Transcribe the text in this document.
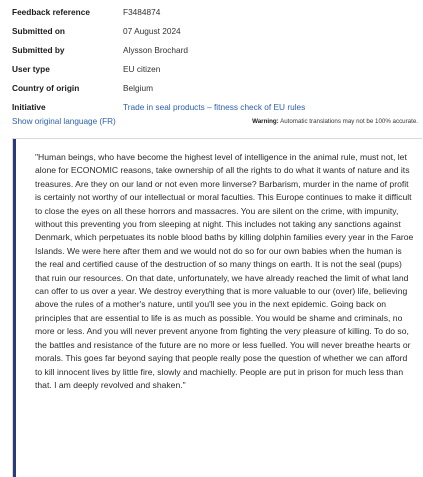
Feedback reference	F3484874
Submitted on	07 August 2024
Submitted by	Alysson Brochard
User type	EU citizen
Country of origin	Belgium
Initiative	Trade in seal products – fitness check of EU rules
Show original language (FR)	Warning: Automatic translations may not be 100% accurate.

"Human beings, who have become the highest level of intelligence in the animal rule, must not, let alone for ECONOMIC reasons, take ownership of all the rights to do what it wants of nature and its treasures. Are they on our land or not even more linverse? Barbarism, murder in the name of profit is certainly not worthy of our intellectual or moral faculties. This Europe continues to make it difficult to close the eyes on all these horrors and massacres. You are silent on the crime, with impunity, without this preventing you from sleeping at night. This includes not taking any sanctions against Denmark, which perpetuates its noble blood baths by killing dolphin families every year in the Faroe Islands. We were here after them and we would not do so for our own babies when the human is the real and certified cause of the destruction of so many things on earth. It is not the seal (pups) that ruin our resources. On that date, unfortunately, we have already reached the limit of what land can offer to us over a year. We destroy everything that is more valuable to our (over) life, believing above the rules of a mother's nature, until you'll see you in the next epidemic. Going back on principles that are essential to life is as much as possible. You would be shame and criminals, no more or less. And you will never prevent anyone from fighting the very pleasure of killing. To do so, the battles and resistance of the future are no more or less fuelled. You will never breathe hearts or morals. This goes far beyond saying that people really pose the question of whether we can afford to kill innocent lives by little fire, slowly and machielly. People are put in prison for much less than that. I am deeply revolved and shaken."
